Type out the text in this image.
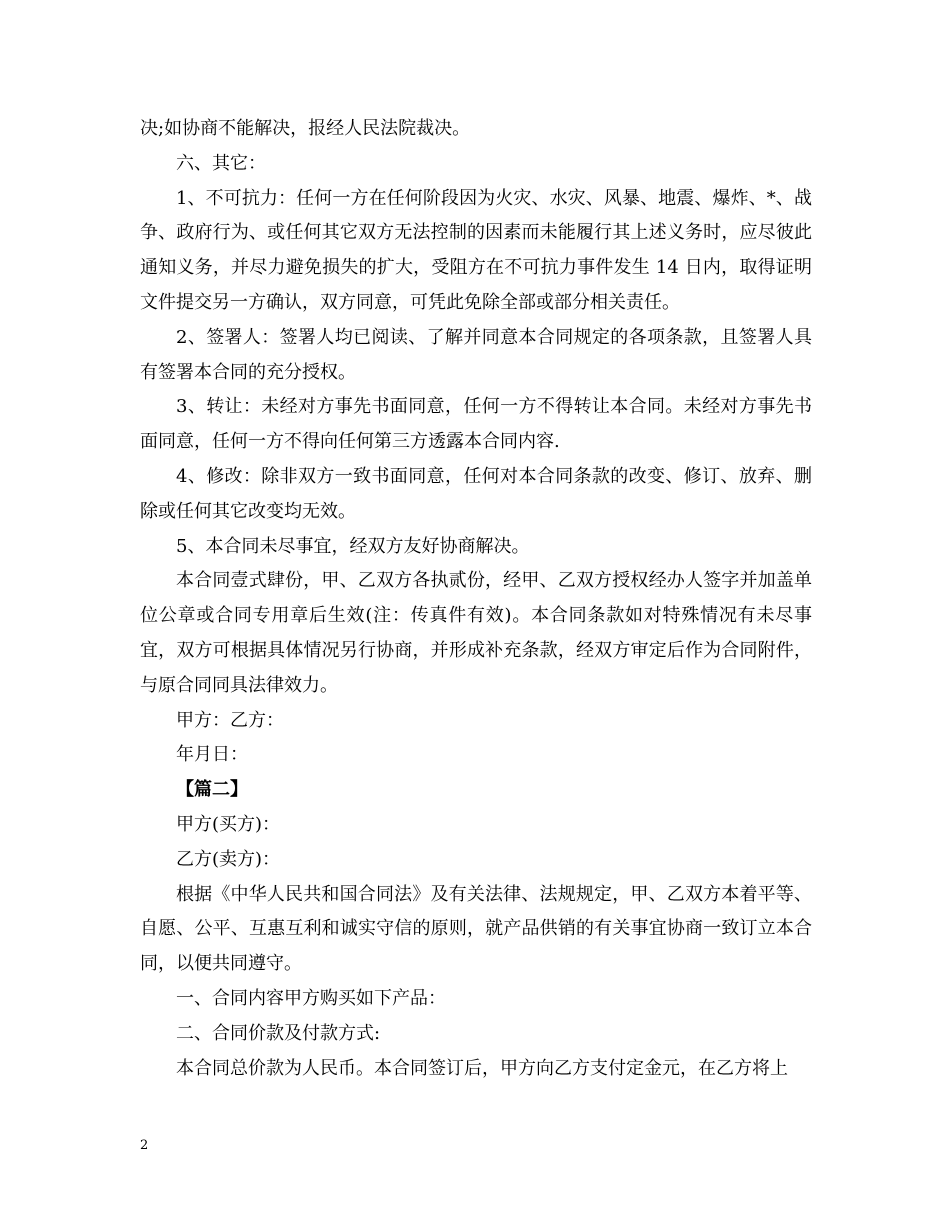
决;如协商不能解决，报经人民法院裁决。

六、其它：

1、不可抗力：任何一方在任何阶段因为火灾、水灾、风暴、地震、爆炸、*、战争、政府行为、或任何其它双方无法控制的因素而未能履行其上述义务时，应尽彼此通知义务，并尽力避免损失的扩大，受阻方在不可抗力事件发生 14 日内，取得证明文件提交另一方确认，双方同意，可凭此免除全部或部分相关责任。

2、签署人：签署人均已阅读、了解并同意本合同规定的各项条款，且签署人具有签署本合同的充分授权。

3、转让：未经对方事先书面同意，任何一方不得转让本合同。未经对方事先书面同意，任何一方不得向任何第三方透露本合同内容.

4、修改：除非双方一致书面同意，任何对本合同条款的改变、修订、放弃、删除或任何其它改变均无效。

5、本合同未尽事宜，经双方友好协商解决。

本合同壹式肆份，甲、乙双方各执贰份，经甲、乙双方授权经办人签字并加盖单位公章或合同专用章后生效(注：传真件有效)。本合同条款如对特殊情况有未尽事宜，双方可根据具体情况另行协商，并形成补充条款，经双方审定后作为合同附件，与原合同同具法律效力。

甲方：乙方：

年月日：

【篇二】

甲方(买方)：

乙方(卖方)：

根据《中华人民共和国合同法》及有关法律、法规规定，甲、乙双方本着平等、自愿、公平、互惠互利和诚实守信的原则，就产品供销的有关事宜协商一致订立本合同，以便共同遵守。

一、合同内容甲方购买如下产品：

二、合同价款及付款方式:

本合同总价款为人民币。本合同签订后，甲方向乙方支付定金元，在乙方将上

2
